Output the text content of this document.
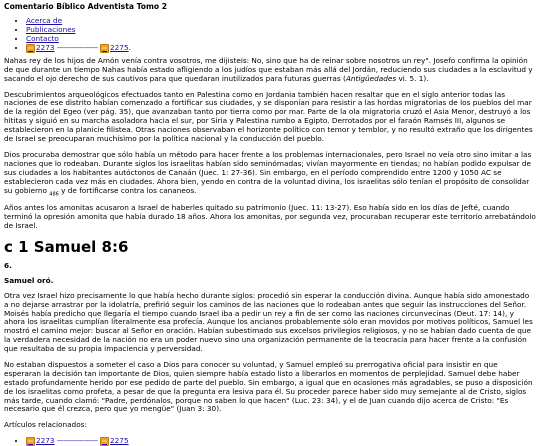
Comentario Bíblico Adventista Tomo 2
• Acerca de
• Publicaciones
• Contacto
• ⇦ 2273 —————— ⇨ 2275 .

Nahas rey de los hijos de Amón venía contra vosotros, me dijisteis: No, sino que ha de reinar sobre nosotros un rey". Josefo confirma la opinión de que durante un tiempo Nahas había estado afligiendo a los judíos que estaban más allá del Jordán, reduciendo sus ciudades a la esclavitud y sacando el ojo derecho de sus cautivos para que quedaran inutilizados para futuras guerras (Antigüedades vi. 5. 1).

Descubrimientos arqueológicos efectuados tanto en Palestina como en Jordania también hacen resaltar que en el siglo anterior todas las naciones de ese distrito habían comenzado a fortificar sus ciudades, y se disponían para resistir a las hordas migratorias de los pueblos del mar de la región del Egeo (ver pág. 35), que avanzaban tanto por tierra como por mar. Parte de la ola migratoria cruzó el Asia Menor, destruyó a los hititas y siguió en su marcha asoladora hacia el sur, por Siria y Palestina rumbo a Egipto. Derrotados por el faraón Ramsés III, algunos se establecieron en la planicie filistea. Otras naciones observaban el horizonte político con temor y temblor, y no resultó extraño que los dirigentes de Israel se preocuparan muchísimo por la política nacional y la conducción del pueblo.

Dios procuraba demostrar que sólo había un método para hacer frente a los problemas internacionales, pero Israel no veía otro sino imitar a las naciones que lo rodeaban. Durante siglos los israelitas habían sido seminómadas; vivían mayormente en tiendas; no habían podido expulsar de sus ciudades a los habitantes autóctonos de Canaán (Juec. 1: 27-36). Sin embargo, en el período comprendido entre 1200 y 1050 AC se establecieron cada vez más en ciudades. Ahora bien, yendo en contra de la voluntad divina, los israelitas sólo tenían el propósito de consolidar su gobierno $_{486}$ y de fortificarse contra los cananeos.

Años antes los amonitas acusaron a Israel de haberles quitado su patrimonio (Juec. 11: 13-27). Eso había sido en los días de Jefté, cuando terminó la opresión amonita que había durado 18 años. Ahora los amonitas, por segunda vez, procuraban recuperar este territorio arrebatándolo de Israel.

c 1 Samuel 8:6
6.
Samuel oró.

Otra vez Israel hizo precisamente lo que había hecho durante siglos: procedió sin esperar la conducción divina. Aunque había sido amonestado a no dejarse arrastrar por la idolatría, prefirió seguir los caminos de las naciones que lo rodeaban antes que seguir las instrucciones del Señor. Moisés había predicho que llegaría el tiempo cuando Israel iba a pedir un rey a fin de ser como las naciones circunvecinas (Deut. 17: 14), y ahora los israelitas cumplían literalmente esa profecía. Aunque los ancianos probablemente sólo eran movidos por motivos políticos, Samuel les mostró el camino mejor: buscar al Señor en oración. Habían subestimado sus excelsos privilegios religiosos, y no se habían dado cuenta de que la verdadera necesidad de la nación no era un poder nuevo sino una organización permanente de la teocracia para hacer frente a la confusión que resultaba de su propia impaciencia y perversidad.

No estaban dispuestos a someter el caso a Dios para conocer su voluntad, y Samuel empleó su prerrogativa oficial para insistir en que esperaran la decisión tan importante de Dios, quien siempre había estado listo a liberarlos en momentos de perplejidad. Samuel debe haber estado profundamente herido por ese pedido de parte del pueblo. Sin embargo, a igual que en ocasiones más agradables, se puso a disposición de los israelitas como profeta, a pesar de que la pregunta era lesiva para él. Su proceder parece haber sido muy semejante al de Cristo, siglos más tarde, cuando clamó: "Padre, perdónalos, porque no saben lo que hacen" (Luc. 23: 34), y el de Juan cuando dijo acerca de Cristo: "Es necesario que él crezca, pero que yo mengüe" (Juan 3: 30).

Artículos relacionados:

• ⇦ 2273 —————— ⇨ 2275
